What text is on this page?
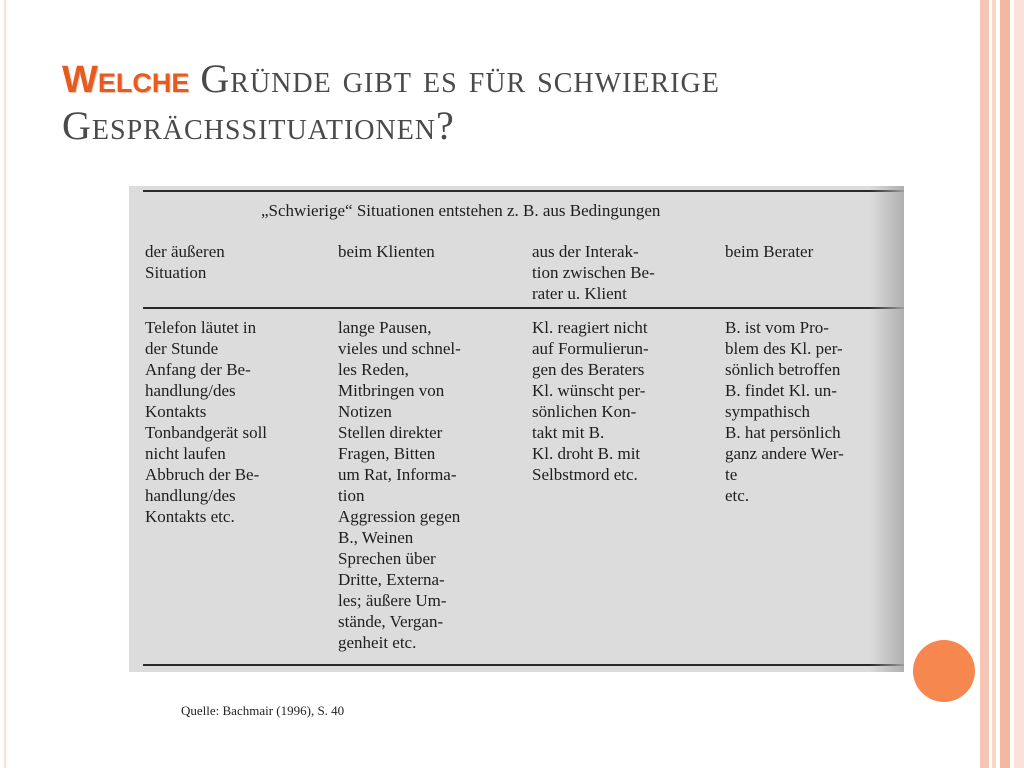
Welche Gründe gibt es für schwierige
Gesprächssituationen?
„Schwierige“ Situationen entstehen z. B. aus Bedingungen
der äußeren
Situation
beim Klienten	aus der Interak-
tion zwischen Be-
rater u. Klient
beim Berater
Telefon läutet in
der Stunde
Anfang der Be-
handlung/des
Kontakts
Tonbandgerät soll
nicht laufen
Abbruch der Be-
handlung/des
Kontakts etc.
lange Pausen,
vieles und schnel-
les Reden,
Mitbringen von
Notizen
Stellen direkter
Fragen, Bitten
um Rat, Informa-
tion
Aggression gegen
B., Weinen
Sprechen über
Dritte, Externa-
les; äußere Um-
stände, Vergan-
genheit etc.
Kl. reagiert nicht
auf Formulierun-
gen des Beraters
Kl. wünscht per-
sönlichen Kon-
takt mit B.
Kl. droht B. mit
Selbstmord etc.
B. ist vom Pro-
blem des Kl. per-
sönlich betroffen
B. findet Kl. un-
sympathisch
B. hat persönlich
ganz andere Wer-
te
etc.
Quelle: Bachmair (1996), S. 40
